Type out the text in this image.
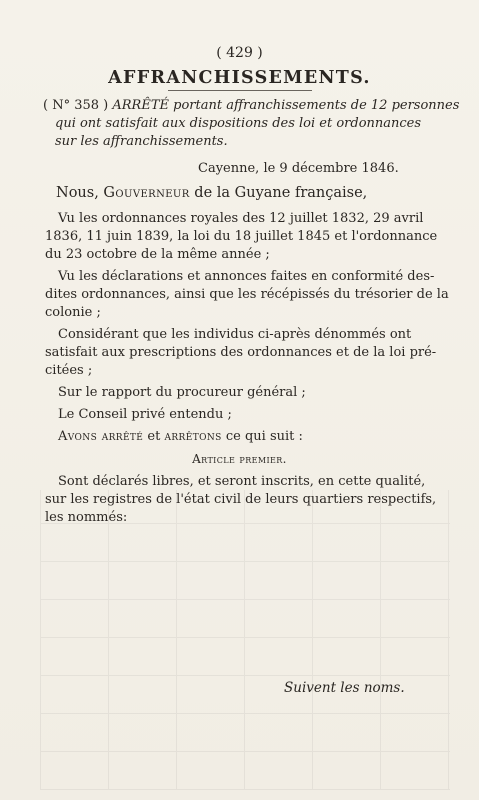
( 429 )
AFFRANCHISSEMENTS.
( N° 358 ) ARRÊTÉ portant affranchissements de 12 personnes
qui ont satisfait aux dispositions des loi et ordonnances
sur les affranchissements.
Cayenne, le 9 décembre 1846.
Nous, Gouverneur de la Guyane française,
Vu les ordonnances royales des 12 juillet 1832, 29 avril
1836, 11 juin 1839, la loi du 18 juillet 1845 et l'ordonnance
du 23 octobre de la même année ;
Vu les déclarations et annonces faites en conformité des-
dites ordonnances, ainsi que les récépissés du trésorier de la
colonie ;
Considérant que les individus ci-après dénommés ont
satisfait aux prescriptions des ordonnances et de la loi pré-
citées ;
Sur le rapport du procureur général ;
Le Conseil privé entendu ;
Avons arrêté et arrêtons ce qui suit :
Article premier.
Sont déclarés libres, et seront inscrits, en cette qualité,
sur les registres de l'état civil de leurs quartiers respectifs,
les nommés:
Suivent les noms.
